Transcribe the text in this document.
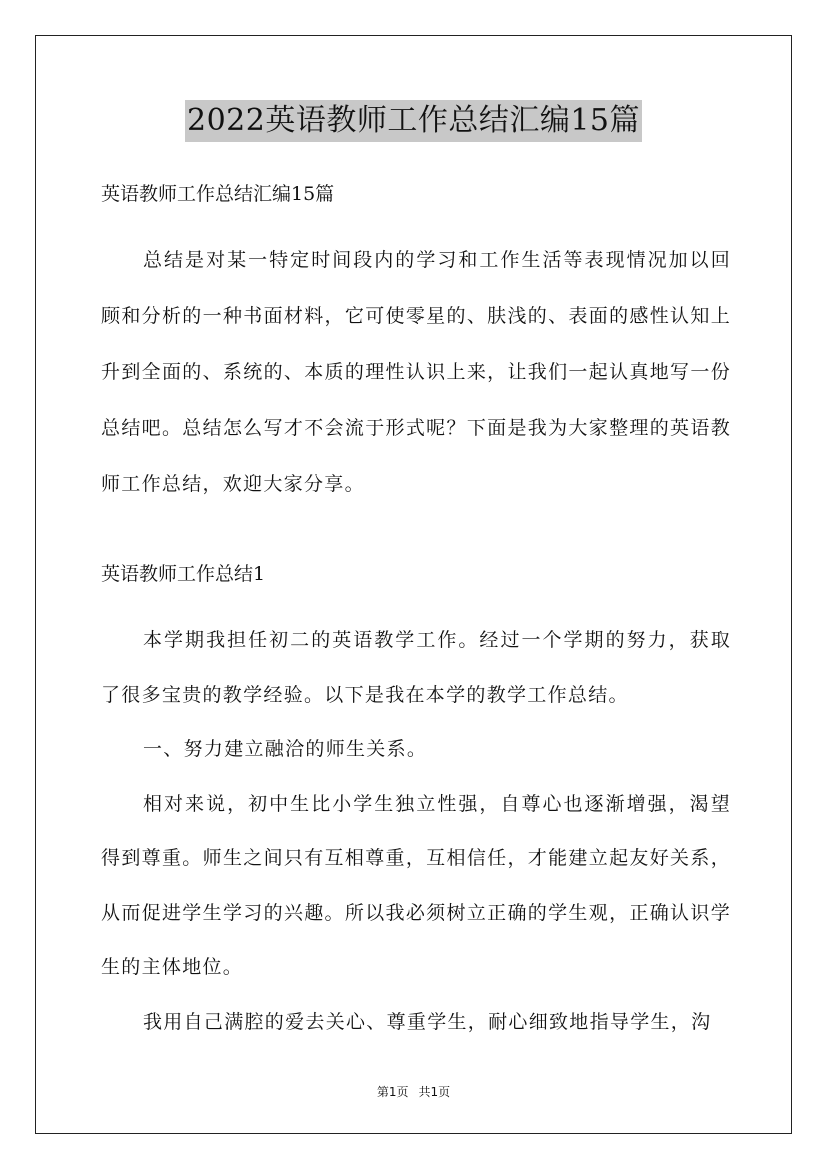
2022英语教师工作总结汇编15篇
英语教师工作总结汇编15篇

总结是对某一特定时间段内的学习和工作生活等表现情况加以回顾和分析的一种书面材料，它可使零星的、肤浅的、表面的感性认知上升到全面的、系统的、本质的理性认识上来，让我们一起认真地写一份总结吧。总结怎么写才不会流于形式呢？下面是我为大家整理的英语教师工作总结，欢迎大家分享。

英语教师工作总结1

本学期我担任初二的英语教学工作。经过一个学期的努力，获取了很多宝贵的教学经验。以下是我在本学的教学工作总结。

一、努力建立融洽的师生关系。

相对来说，初中生比小学生独立性强，自尊心也逐渐增强，渴望得到尊重。师生之间只有互相尊重，互相信任，才能建立起友好关系，从而促进学生学习的兴趣。所以我必须树立正确的学生观，正确认识学生的主体地位。

我用自己满腔的爱去关心、尊重学生，耐心细致地指导学生，沟

第1页 共1页
